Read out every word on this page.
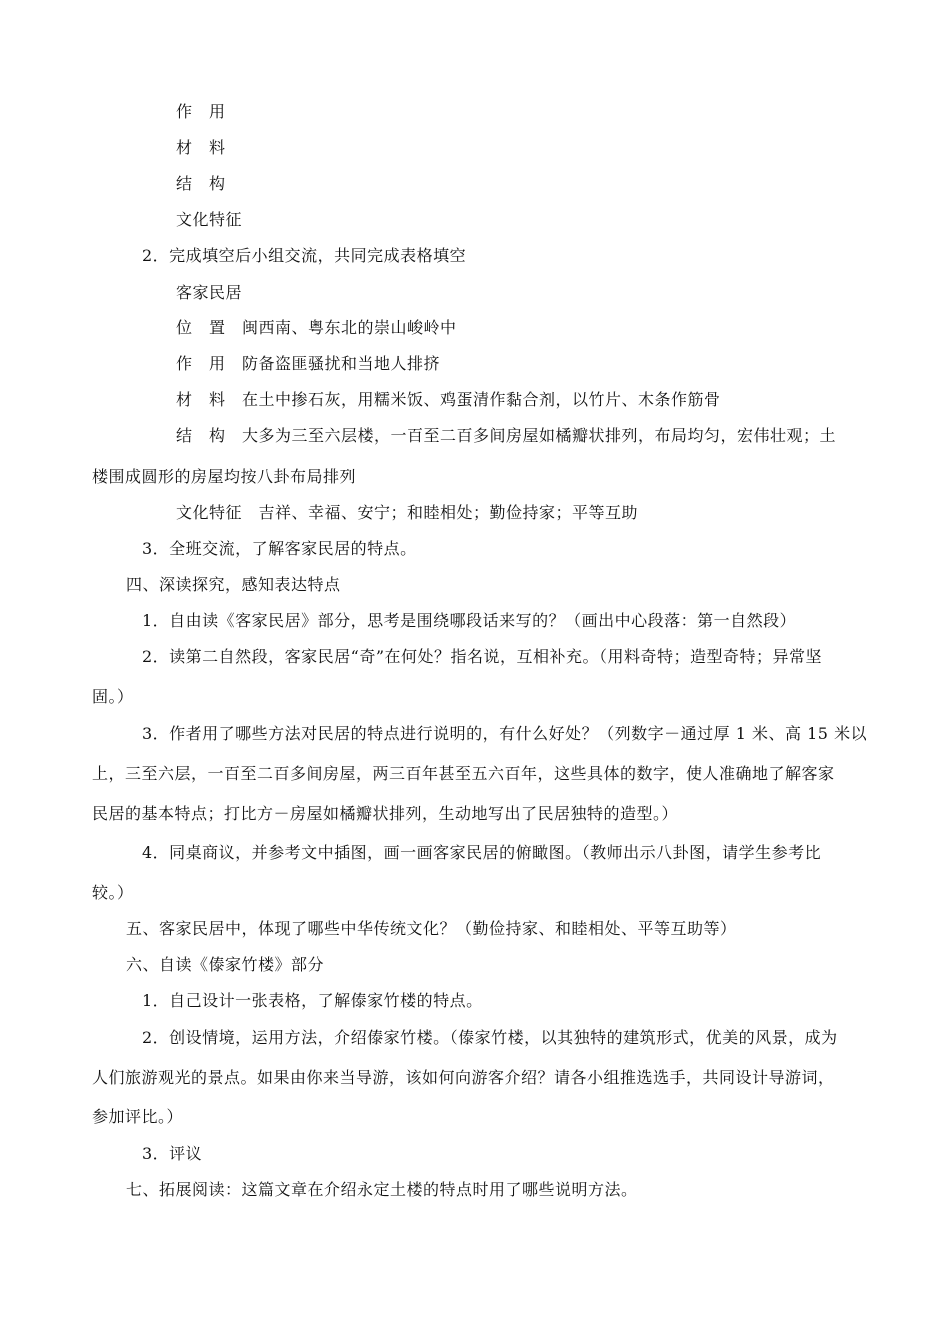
作　用
材　料
结　构
文化特征
2．完成填空后小组交流，共同完成表格填空
客家民居
位　置　闽西南、粤东北的崇山峻岭中
作　用　防备盗匪骚扰和当地人排挤
材　料　在土中掺石灰，用糯米饭、鸡蛋清作黏合剂，以竹片、木条作筋骨
结　构　大多为三至六层楼，一百至二百多间房屋如橘瓣状排列，布局均匀，宏伟壮观；土
楼围成圆形的房屋均按八卦布局排列
文化特征　吉祥、幸福、安宁；和睦相处；勤俭持家；平等互助
3．全班交流，了解客家民居的特点。
四、深读探究，感知表达特点
1．自由读《客家民居》部分，思考是围绕哪段话来写的？（画出中心段落：第一自然段）
2．读第二自然段，客家民居“奇”在何处？指名说，互相补充。（用料奇特；造型奇特；异常坚
固。）
3．作者用了哪些方法对民居的特点进行说明的，有什么好处？（列数字－通过厚 1 米、高 15 米以
上，三至六层，一百至二百多间房屋，两三百年甚至五六百年，这些具体的数字，使人准确地了解客家
民居的基本特点；打比方－房屋如橘瓣状排列，生动地写出了民居独特的造型。）
4．同桌商议，并参考文中插图，画一画客家民居的俯瞰图。（教师出示八卦图，请学生参考比
较。）
五、客家民居中，体现了哪些中华传统文化？（勤俭持家、和睦相处、平等互助等）
六、自读《傣家竹楼》部分
1．自己设计一张表格，了解傣家竹楼的特点。
2．创设情境，运用方法，介绍傣家竹楼。（傣家竹楼，以其独特的建筑形式，优美的风景，成为
人们旅游观光的景点。如果由你来当导游，该如何向游客介绍？请各小组推选选手，共同设计导游词，
参加评比。）
3．评议
七、拓展阅读：这篇文章在介绍永定土楼的特点时用了哪些说明方法。
